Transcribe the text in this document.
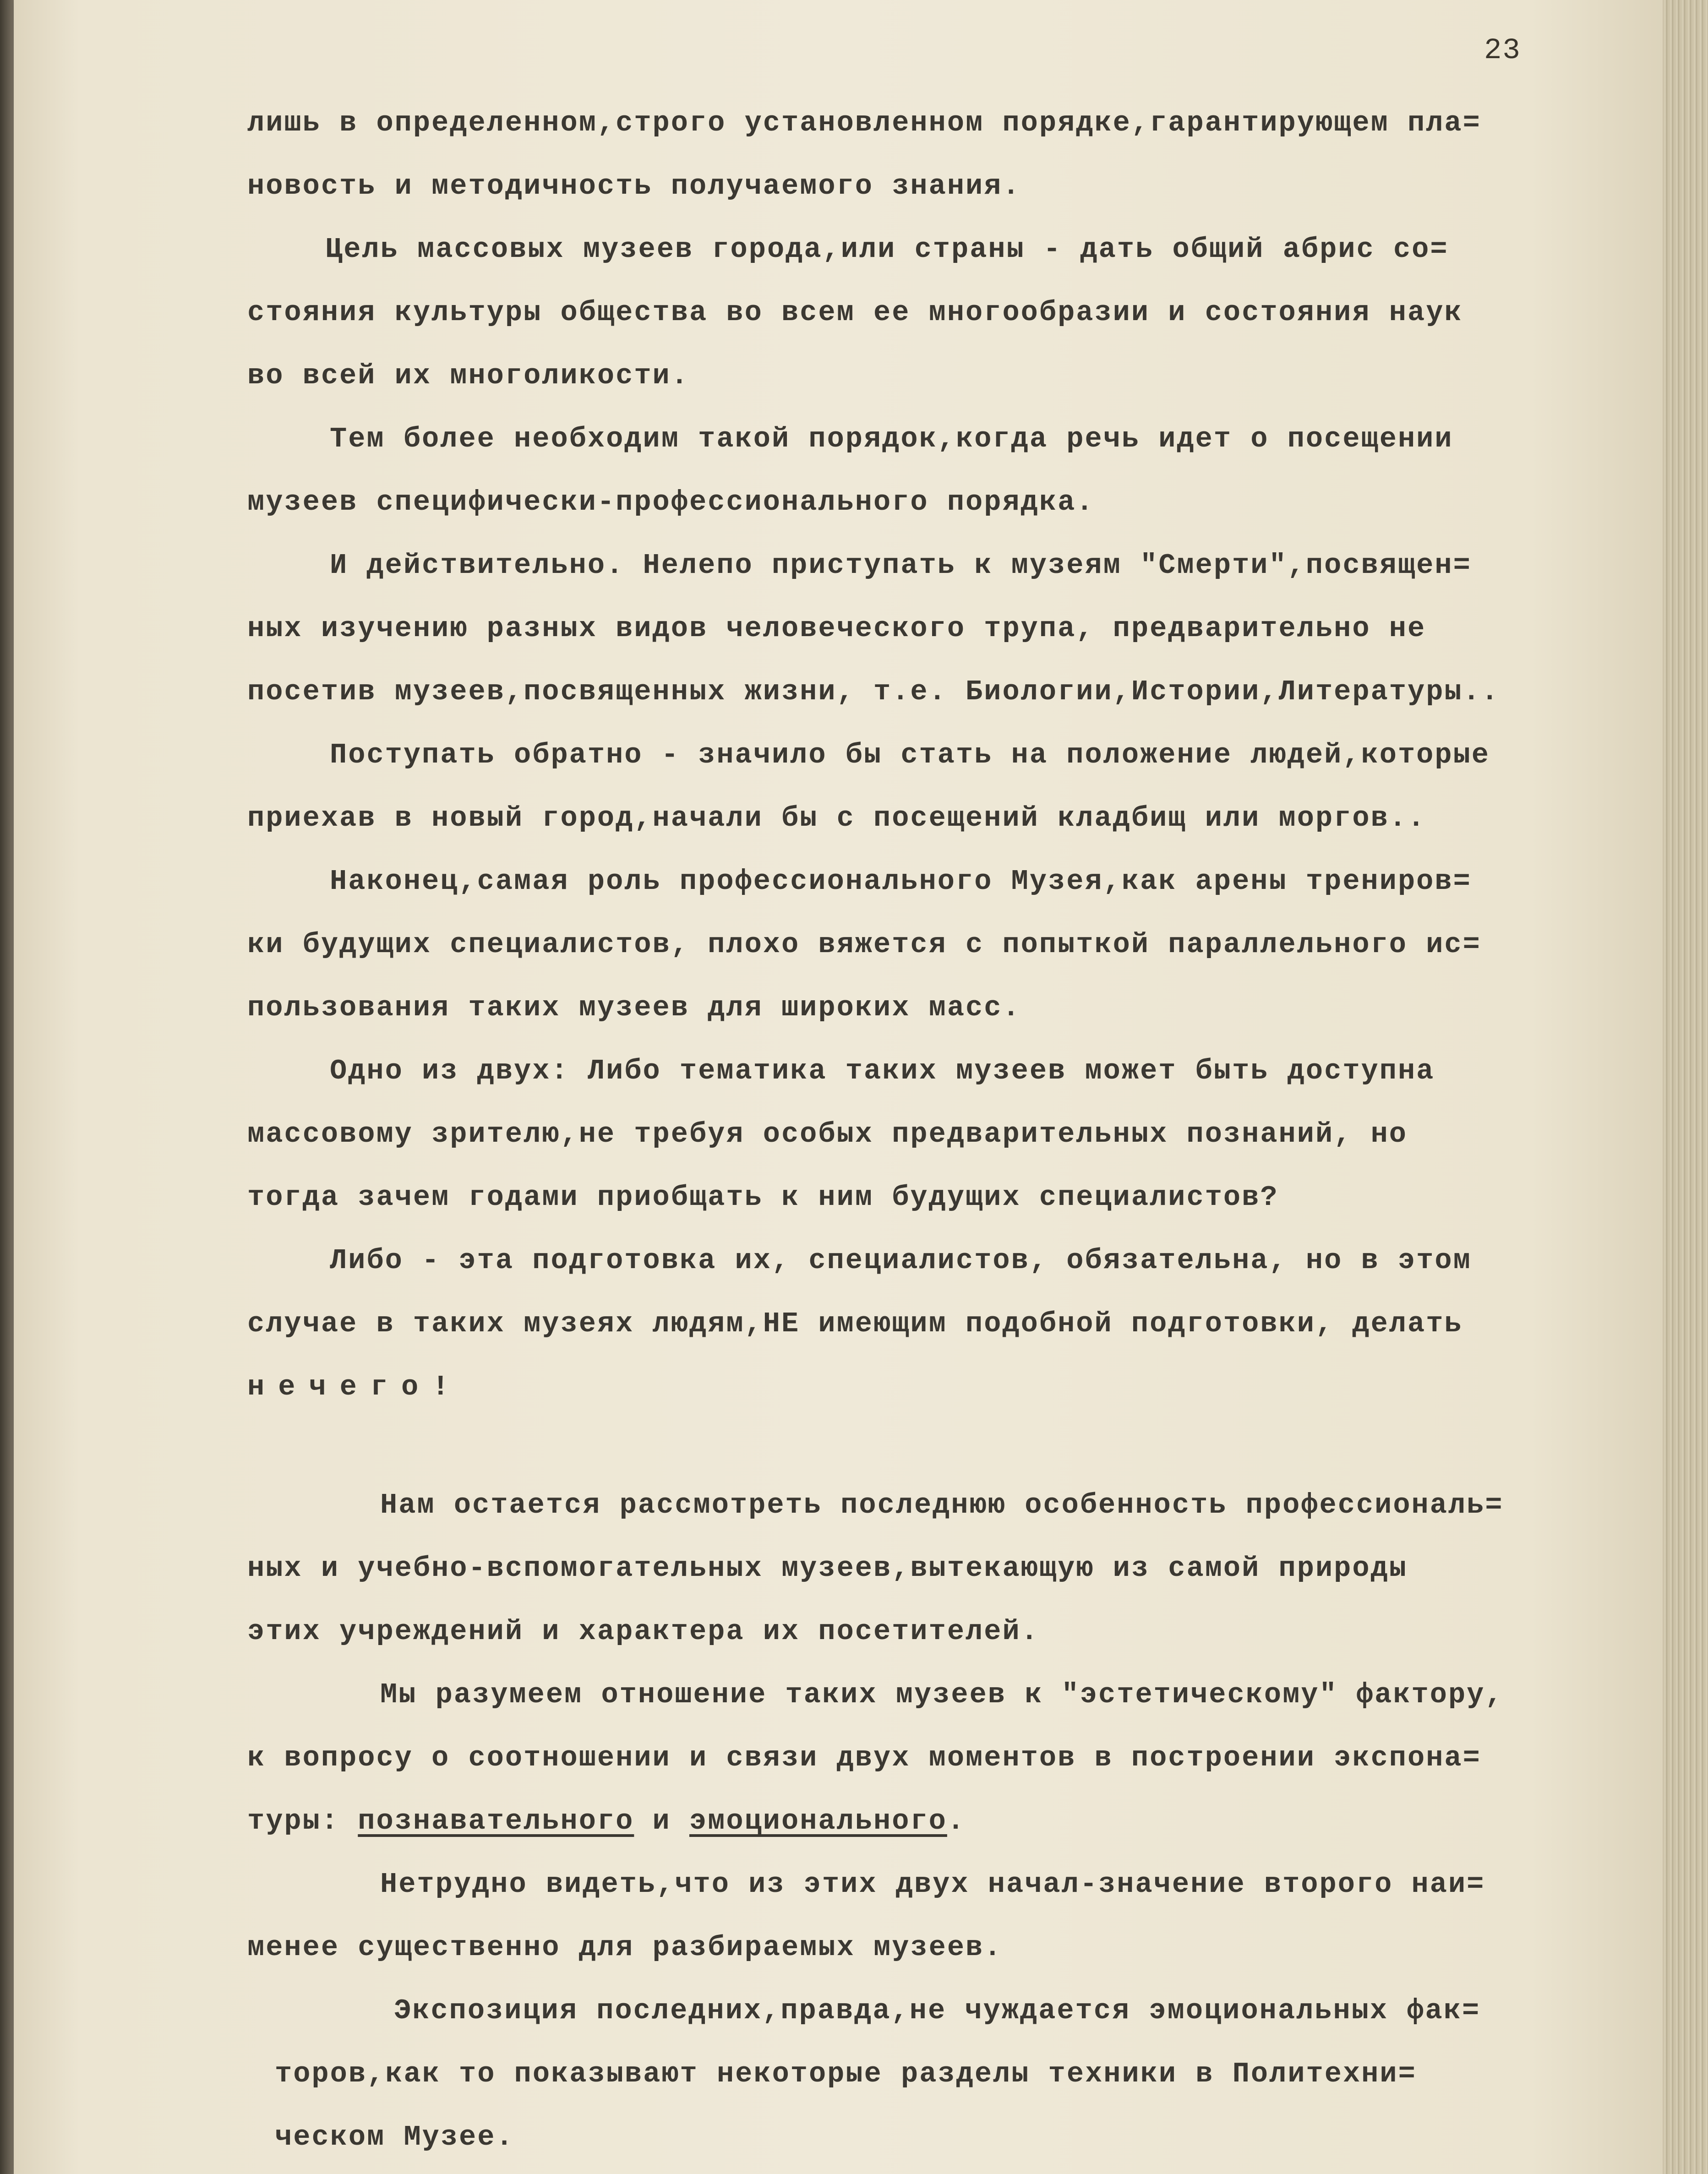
23
лишь в определенном,строго установленном порядке,гарантирующем пла=
новость и методичность получаемого знания.
Цель массовых музеев города,или страны - дать общий абрис со=
стояния культуры общества во всем ее многообразии и состояния наук
во всей их многоликости.
Тем более необходим такой порядок,когда речь идет о посещении
музеев специфически-профессионального порядка.
И действительно. Нелепо приступать к музеям "Смерти",посвящен=
ных изучению разных видов человеческого трупа, предварительно не
посетив музеев,посвященных жизни, т.е. Биологии,Истории,Литературы..
Поступать обратно - значило бы стать на положение людей,которые
приехав в новый город,начали бы с посещений кладбищ или моргов..
Наконец,самая роль профессионального Музея,как арены трениров=
ки будущих специалистов, плохо вяжется с попыткой параллельного ис=
пользования таких музеев для широких масс.
Одно из двух: Либо тематика таких музеев может быть доступна
массовому зрителю,не требуя особых предварительных познаний, но
тогда зачем годами приобщать к ним будущих специалистов?
Либо - эта подготовка их, специалистов, обязательна, но в этом
случае в таких музеях людям,НЕ имеющим подобной подготовки, делать
нечего!
Нам остается рассмотреть последнюю особенность профессиональ=
ных и учебно-вспомогательных музеев,вытекающую из самой природы
этих учреждений и характера их посетителей.
Мы разумеем отношение таких музеев к "эстетическому" фактору,
к вопросу о соотношении и связи двух моментов в построении экспона=
туры: познавательного и эмоционального.
Нетрудно видеть,что из этих двух начал-значение второго наи=
менее существенно для разбираемых музеев.
Экспозиция последних,правда,не чуждается эмоциональных фак=
торов,как то показывают некоторые разделы техники в Политехни=
ческом Музее.
